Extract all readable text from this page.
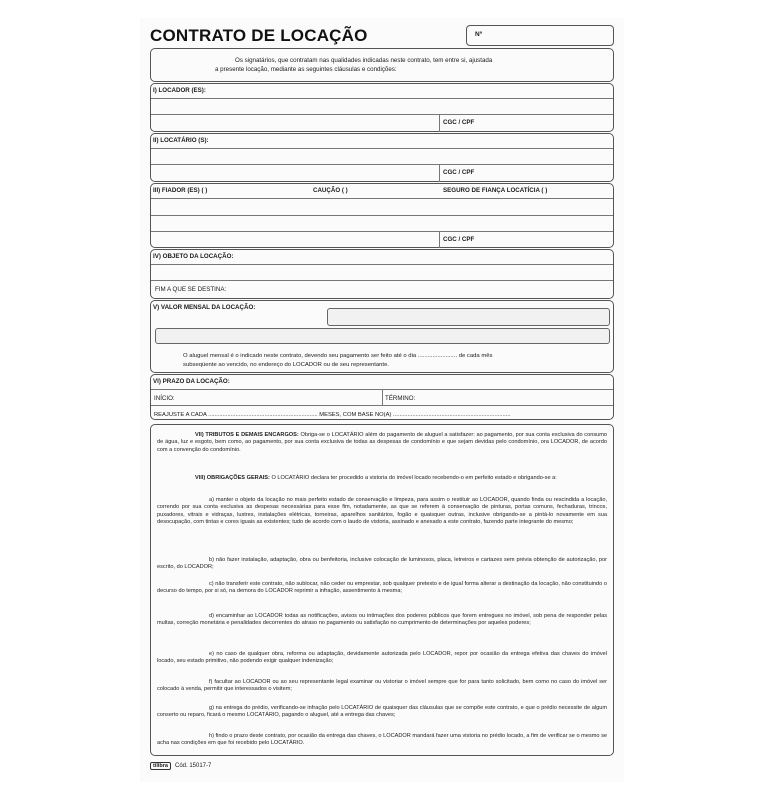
CONTRATO DE LOCAÇÃO	Nº
Os signatários, que contratam nas qualidades indicadas neste contrato, tem entre si, ajustada
a presente locação, mediante as seguintes cláusulas e condições:
I) LOCADOR (ES):
CGC / CPF
II) LOCATÁRIO (S):
CGC / CPF
III) FIADOR (ES) ( )	CAUÇÃO ( )	SEGURO DE FIANÇA LOCATÍCIA ( )
CGC / CPF
IV) OBJETO DA LOCAÇÃO:
FIM A QUE SE DESTINA:
V) VALOR MENSAL DA LOCAÇÃO:
O aluguel mensal é o indicado neste contrato, devendo seu pagamento ser feito até o dia ........................ de cada mês
subseqüente ao vencido, no endereço do LOCADOR ou de seu representante.
VI) PRAZO DA LOCAÇÃO:
INÍCIO:	TÉRMINO:
REAJUSTE A CADA .................................................................... MESES, COM BASE NO(A) .........................................................................
VII) TRIBUTOS E DEMAIS ENCARGOS: Obriga-se o LOCATÁRIO além do pagamento de aluguel a satisfazer: ao pagamento, por sua conta exclusiva do consumo de água, luz e esgoto, bem como, ao pagamento, por sua conta exclusiva de todas as despesas de condomínio e que sejam devidas pelo condomínio, ora LOCADOR, de acordo com a convenção do condomínio.
VIII) OBRIGAÇÕES GERAIS: O LOCATÁRIO declara ter procedido a vistoria do imóvel locado recebendo-o em perfeito estado e obrigando-se a:
a) manter o objeto da locação no mais perfeito estado de conservação e limpeza, para assim o restituir ao LOCADOR, quando finda ou rescindida a locação, correndo por sua conta exclusiva as despesas necessárias para esse fim, notadamente, as que se referem à conservação de pinturas, portas comuns, fechaduras, trincos, puxadores, vitrais e vidraças, lustres, instalações elétricas, torneiras, aparelhos sanitários, fogão e quaisquer outras, inclusive obrigando-se a pintá-lo novamente em sua desocupação, com tintas e cores iguais as existentes; tudo de acordo com o laudo de vistoria, assinado e anexado a este contrato, fazendo parte integrante do mesmo;
b) não fazer instalação, adaptação, obra ou benfeitoria, inclusive colocação de luminosos, placa, letreiros e cartazes sem prévia obtenção de autorização, por escrito, do LOCADOR;
c) não transferir este contrato, não sublocar, não ceder ou emprestar, sob qualquer pretexto e de igual forma alterar a destinação da locação, não constituindo o decurso do tempo, por si só, na demora do LOCADOR reprimir a infração, assentimento à mesma;
d) encaminhar ao LOCADOR todas as notificações, avisos ou intimações dos poderes públicos que forem entregues no imóvel, sob pena de responder pelas multas, correção monetária e penalidades decorrentes do atraso no pagamento ou satisfação no cumprimento de determinações por aqueles poderes;
e) no caso de qualquer obra, reforma ou adaptação, devidamente autorizada pelo LOCADOR, repor por ocasião da entrega efetiva das chaves do imóvel locado, seu estado primitivo, não podendo exigir qualquer indenização;
f) facultar ao LOCADOR ou ao seu representante legal examinar ou vistoriar o imóvel sempre que for para tanto solicitado, bem como no caso do imóvel ser colocado à venda, permitir que interessados o visitem;
g) na entrega do prédio, verificando-se infração pelo LOCATÁRIO de quaisquer das cláusulas que se compõe este contrato, e que o prédio necessite de algum conserto ou reparo, ficará o mesmo LOCATÁRIO, pagando o aluguel, até a entrega das chaves;
h) findo o prazo deste contrato, por ocasião da entrega das chaves, o LOCADOR mandará fazer uma vistoria no prédio locado, a fim de verificar se o mesmo se acha nas condições em que foi recebido pelo LOCATÁRIO.
tilibra Cód. 15017-7
